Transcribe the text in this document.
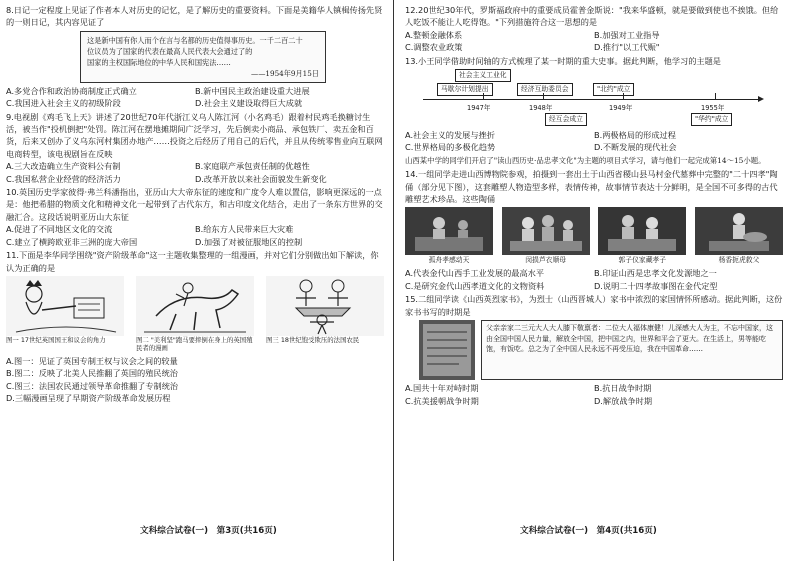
8.日记一定程度上见证了作者本人对历史的记忆，是了解历史的重要资料。下面是美籍华人镇楫传扬先贤的一则日记，其内容见证了
这是新中国有你人而个在言与名都的历史值得事历史。一千二百二十
位议员为了国家的代表在最高人民代表大会通过了的
国家的主权国际地位的中华人民和国宪法……
——1954年9月15日
A.多党合作和政治协商制度正式确立	B.新中国民主政治建设重大进展
C.我国进入社会主义的初级阶段	D.社会主义建设取得巨大成就
9.电视剧《鸡毛飞上天》讲述了20世纪70年代浙江义乌人陈江河（小名鸡毛）跟着村民鸡毛换糖讨生活，被当作"投机倒把"处罚。陈江河在摆地摊期间广泛学习，先后倒卖小商品、承包铁厂、卖五金和百货，后来又创办了义乌东河村集团办地产……投资之后经历了用自己的后代，并且从传统零售业向互联网电商转型，该电视剧旨在反映
A.三大改造确立生产资料公有制	B.家庭联产承包责任制的优越性
C.我国私营企业经营的经济活力	D.改革开放以来社会面貌发生新变化
10.英国历史学家彼得·弗兰科潘指出，亚历山大大帝东征的速度和广度令人难以置信，影响更深远的一点是：他把希腊的物质文化和精神文化一起带到了古代东方，和古印度文化结合，走出了一条东方世界的交融汇合。这段话说明亚历山大东征
A.促进了不同地区文化的交流	B.给东方人民带来巨大灾难
C.建立了横跨欧亚非三洲的庞大帝国	D.加强了对被征服地区的控制
11.下面是李华同学围绕"资产阶级革命"这一主题收集整理的一组漫画，并对它们分别做出如下解读，你认为正确的是
图一 17世纪英国国王和议会的角力	图二 "美利坚"跑马要摔倒在身上的英国殖民者的漫画
图三 18世纪饱受欺压的法国农民
A.图一：见证了英国专制王权与议会之间的较量
B.图二：反映了北美人民推翻了英国的殖民统治
C.图三：法国农民通过领导革命推翻了专制统治
D.三幅漫画呈现了早期资产阶级革命发展历程
文科综合试卷(一)　第3页(共16页)
12.20世纪30年代，罗斯福政府中的重要成员霍普金斯说："我来华盛顿，就是要做到使也不挨饿。但给人吃饭不能让人吃得饱。"下列措施符合这一思想的是
A.整顿金融体系	B.加强对工业指导
C.调整农业政策	D.推行"以工代赈"
13.小王同学借助时间轴的方式梳理了某一时期的重大史事。据此判断，他学习的主题是
社会主义工业化
马歇尔计划提出	经济互助委员会	"北约"成立
1947年	1948年	1949年	1955年
经互会成立	"华约"成立
A.社会主义的发展与挫折	B.两极格局的形成过程
C.世界格局的多极化趋势	D.不断发展的现代社会
山西某中学的同学们开启了"读山西历史·品忠孝文化"为主题的项目式学习，请与他们一起完成第14～15小题。
14.一组同学走进山西博物院参观，拍摄到一套出土于山西省稷山县马村金代墓葬中完整的"二十四孝"陶俑（部分见下图），这套雕塑人物造型多样，表情传神，故事情节表达十分鲜明，是全国不可多得的古代雕塑艺术珍品。这些陶俑
孤舟孝感动天	闵损芦衣顺母	郭子仪家藏孝子	杨香扼虎救父
A.代表金代山西手工业发展的最高水平	B.印证山西是忠孝文化发源地之一
C.是研究金代山西孝道文化的文物资料	D.说明二十四孝故事图在金代定型
15.二组同学读《山西英烈家书》，为烈士（山西晋城人）家书中浓烈的家国情怀所感动。据此判断，这份家书书写的时期是
父亲亲家二三元大人大人膝下敬禀者：二位大人福体康健！儿深感大人为主，不忘中国家，这由全国中国人民力量，解放全中国，把中国之内，世界和平会了更大。在生活上，男等能吃饱，有饭吃。总之为了全中国人民永远不再受压迫，我在中国革命……
A.国共十年对峙时期	B.抗日战争时期
C.抗美援朝战争时期	D.解放战争时期
文科综合试卷(一)　第4页(共16页)
